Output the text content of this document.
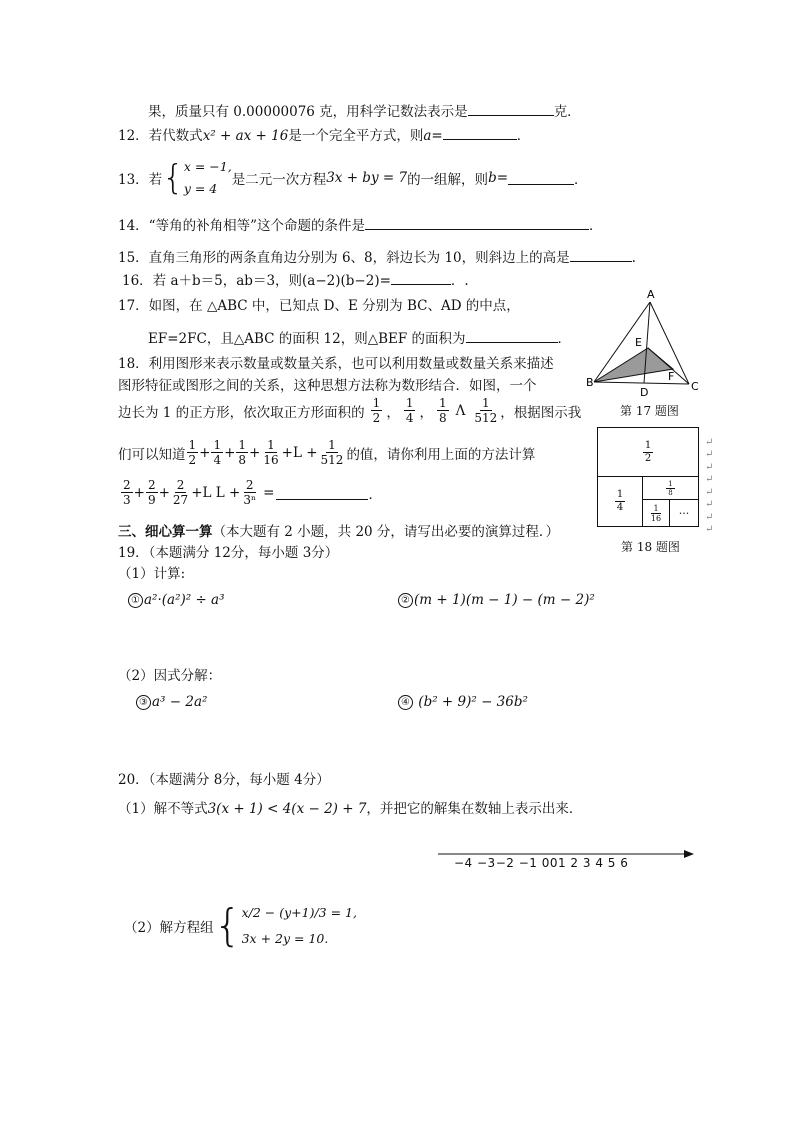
果，质量只有 0.00000076 克，用科学记数法表示是	克．
12．若代数式x² + ax + 16是一个完全平方式，则a=	．
13．若 { x = −1,
y = 4
是二元一次方程 3x + by = 7 的一组解，则 b =	．
14．“等角的补角相等”这个命题的条件是	．
15．直角三角形的两条直角边分别为 6、8，斜边长为 10，则斜边上的高是	.
16．若 a＋b＝5，ab＝3，则(a−2)(b−2)=	．.
17．如图，在 △ABC 中，已知点 D、E 分别为 BC、AD 的中点，
EF=2FC，且△ABC 的面积 12，则△BEF 的面积为	．
A
B	C
D
E
F
第 17 题图
18．利用图形来表示数量或数量关系，也可以利用数量或数量关系来描述
图形特征或图形之间的关系，这种思想方法称为数形结合．如图，一个
边长为 1 的正方形，依次取正方形面积的 $\frac{1}{2}$ ， $\frac{1}{4}$ ， $\frac{1}{8}$ Λ $\frac{1}{512}$ ，根据图示我
们可以知道 $\frac{1}{2} + \frac{1}{4} + \frac{1}{8} + \frac{1}{16} +L + \frac{1}{512}$ 的值，请你利用上面的方法计算
$\frac{2}{3} + \frac{2}{9} + \frac{2}{27} +L$ $L + \frac{2}{\text{3ⁿ}}$ =	．
$\frac{1}{2}$
$\frac{1}{4}$
$\frac{1}{8}$
$\frac{1}{16}$	···

↵
↵
↵
↵
↵
↵
↵
↵

第 18 题图
三、细心算一算（本大题有 2 小题，共 20 分，请写出必要的演算过程．）
19．（本题满分 12分，每小题 3分）
（1）计算:
① a²·(a²)² ÷ a³	② (m + 1)(m − 1) − (m − 2)²
（2）因式分解：
③ a³ − 2a²	④ (b² + 9)² − 36b²
20．（本题满分 8分，每小题 4分）
（1）解不等式3(x + 1) < 4(x − 2) + 7，并把它的解集在数轴上表示出来．
−4 −3−2 −1 001 2 3 4 5 6
（2）解方程组 { x/2 − (y+1)/3 = 1,
3x + 2y = 10.
